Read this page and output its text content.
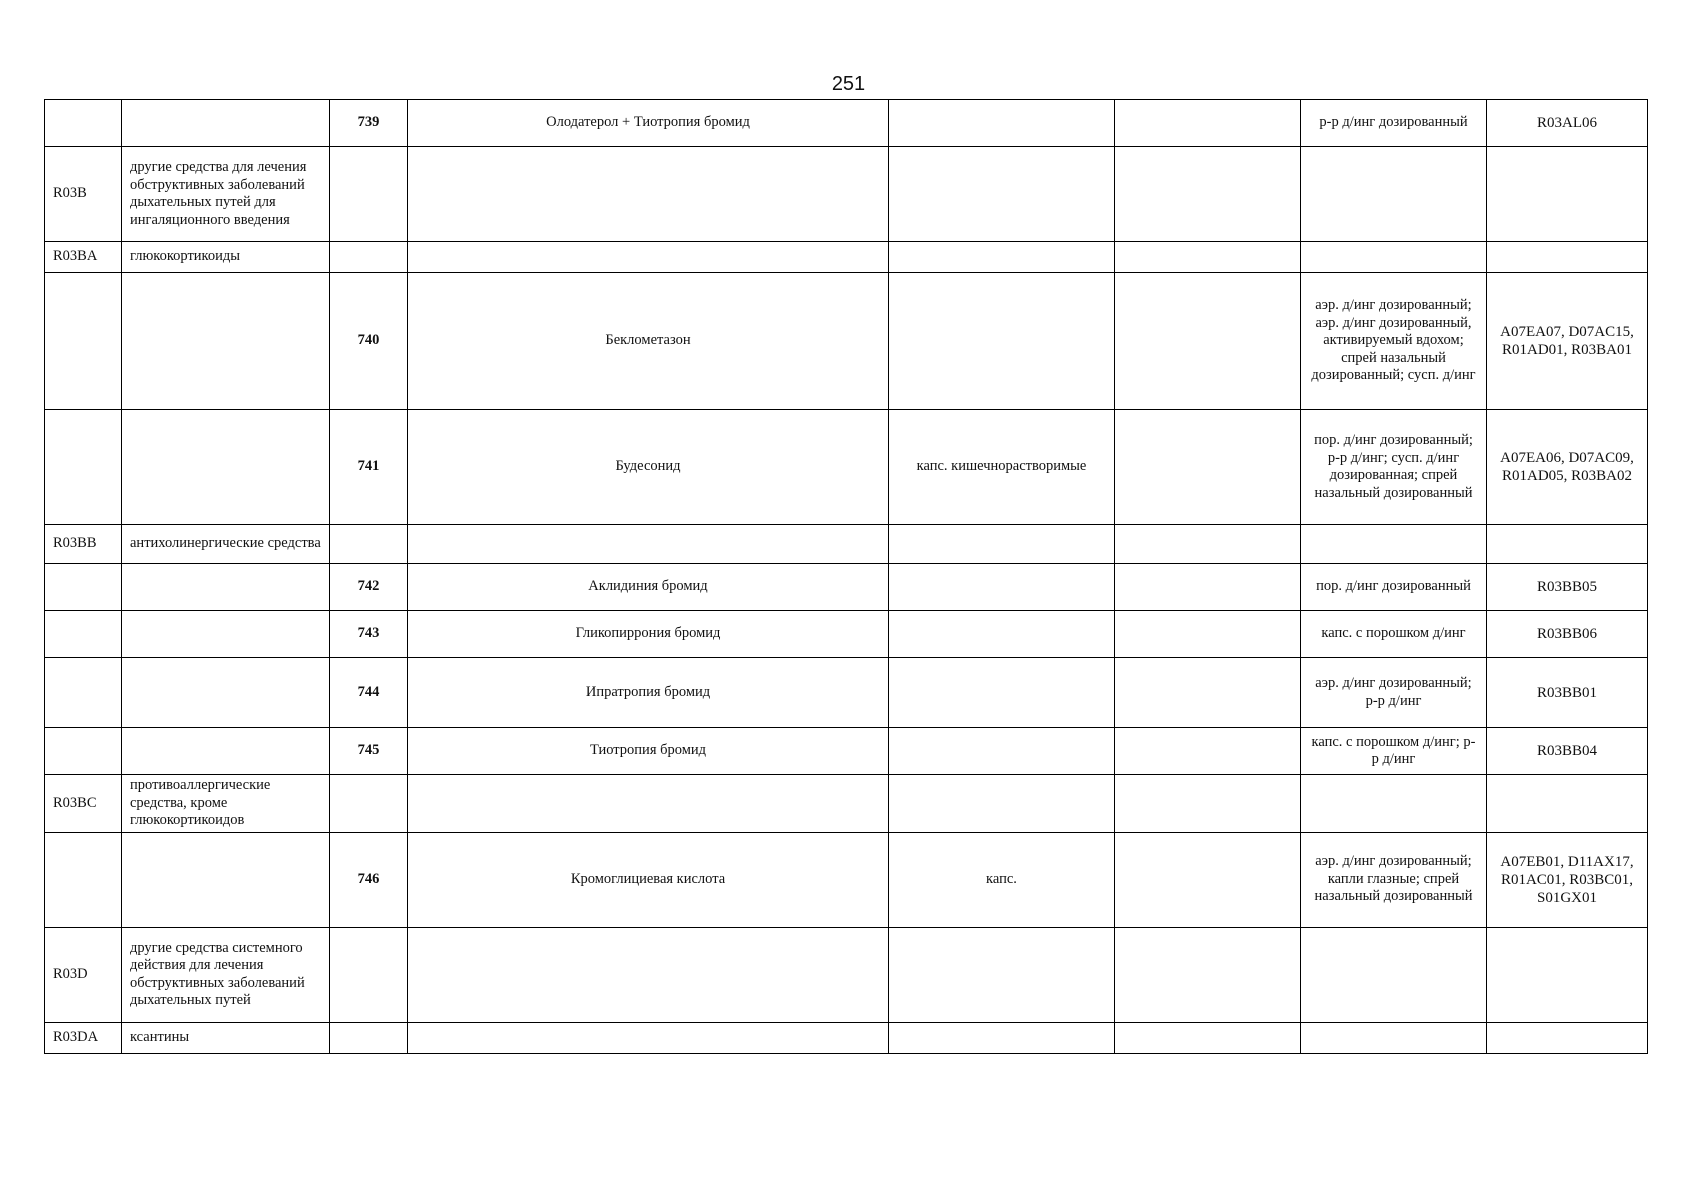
251
		739	Олодатерол + Тиотропия бромид			р-р д/инг дозированный	R03AL06
R03B	другие средства для лечения обструктивных заболеваний дыхательных путей для ингаляционного введения						
R03BA	глюкокортикоиды						
		740	Беклометазон			аэр. д/инг дозированный; аэр. д/инг дозированный, активируемый вдохом; спрей назальный дозированный; сусп. д/инг	A07EA07, D07AC15, R01AD01, R03BA01
		741	Будесонид	капс. кишечнорастворимые		пор. д/инг дозированный; р-р д/инг; сусп. д/инг дозированная; спрей назальный дозированный	A07EA06, D07AC09, R01AD05, R03BA02
R03BB	антихолинергические средства						
		742	Аклидиния бромид			пор. д/инг дозированный	R03BB05
		743	Гликопиррония бромид			капс. с порошком д/инг	R03BB06
		744	Ипратропия бромид			аэр. д/инг дозированный; р-р д/инг	R03BB01
		745	Тиотропия бромид			капс. с порошком д/инг; р-р д/инг	R03BB04
R03BC	противоаллергические средства, кроме глюкокортикоидов						
		746	Кромоглициевая кислота	капс.		аэр. д/инг дозированный; капли глазные; спрей назальный дозированный	A07EB01, D11AX17, R01AC01, R03BC01, S01GX01
R03D	другие средства системного действия для лечения обструктивных заболеваний дыхательных путей						
R03DA	ксантины						
